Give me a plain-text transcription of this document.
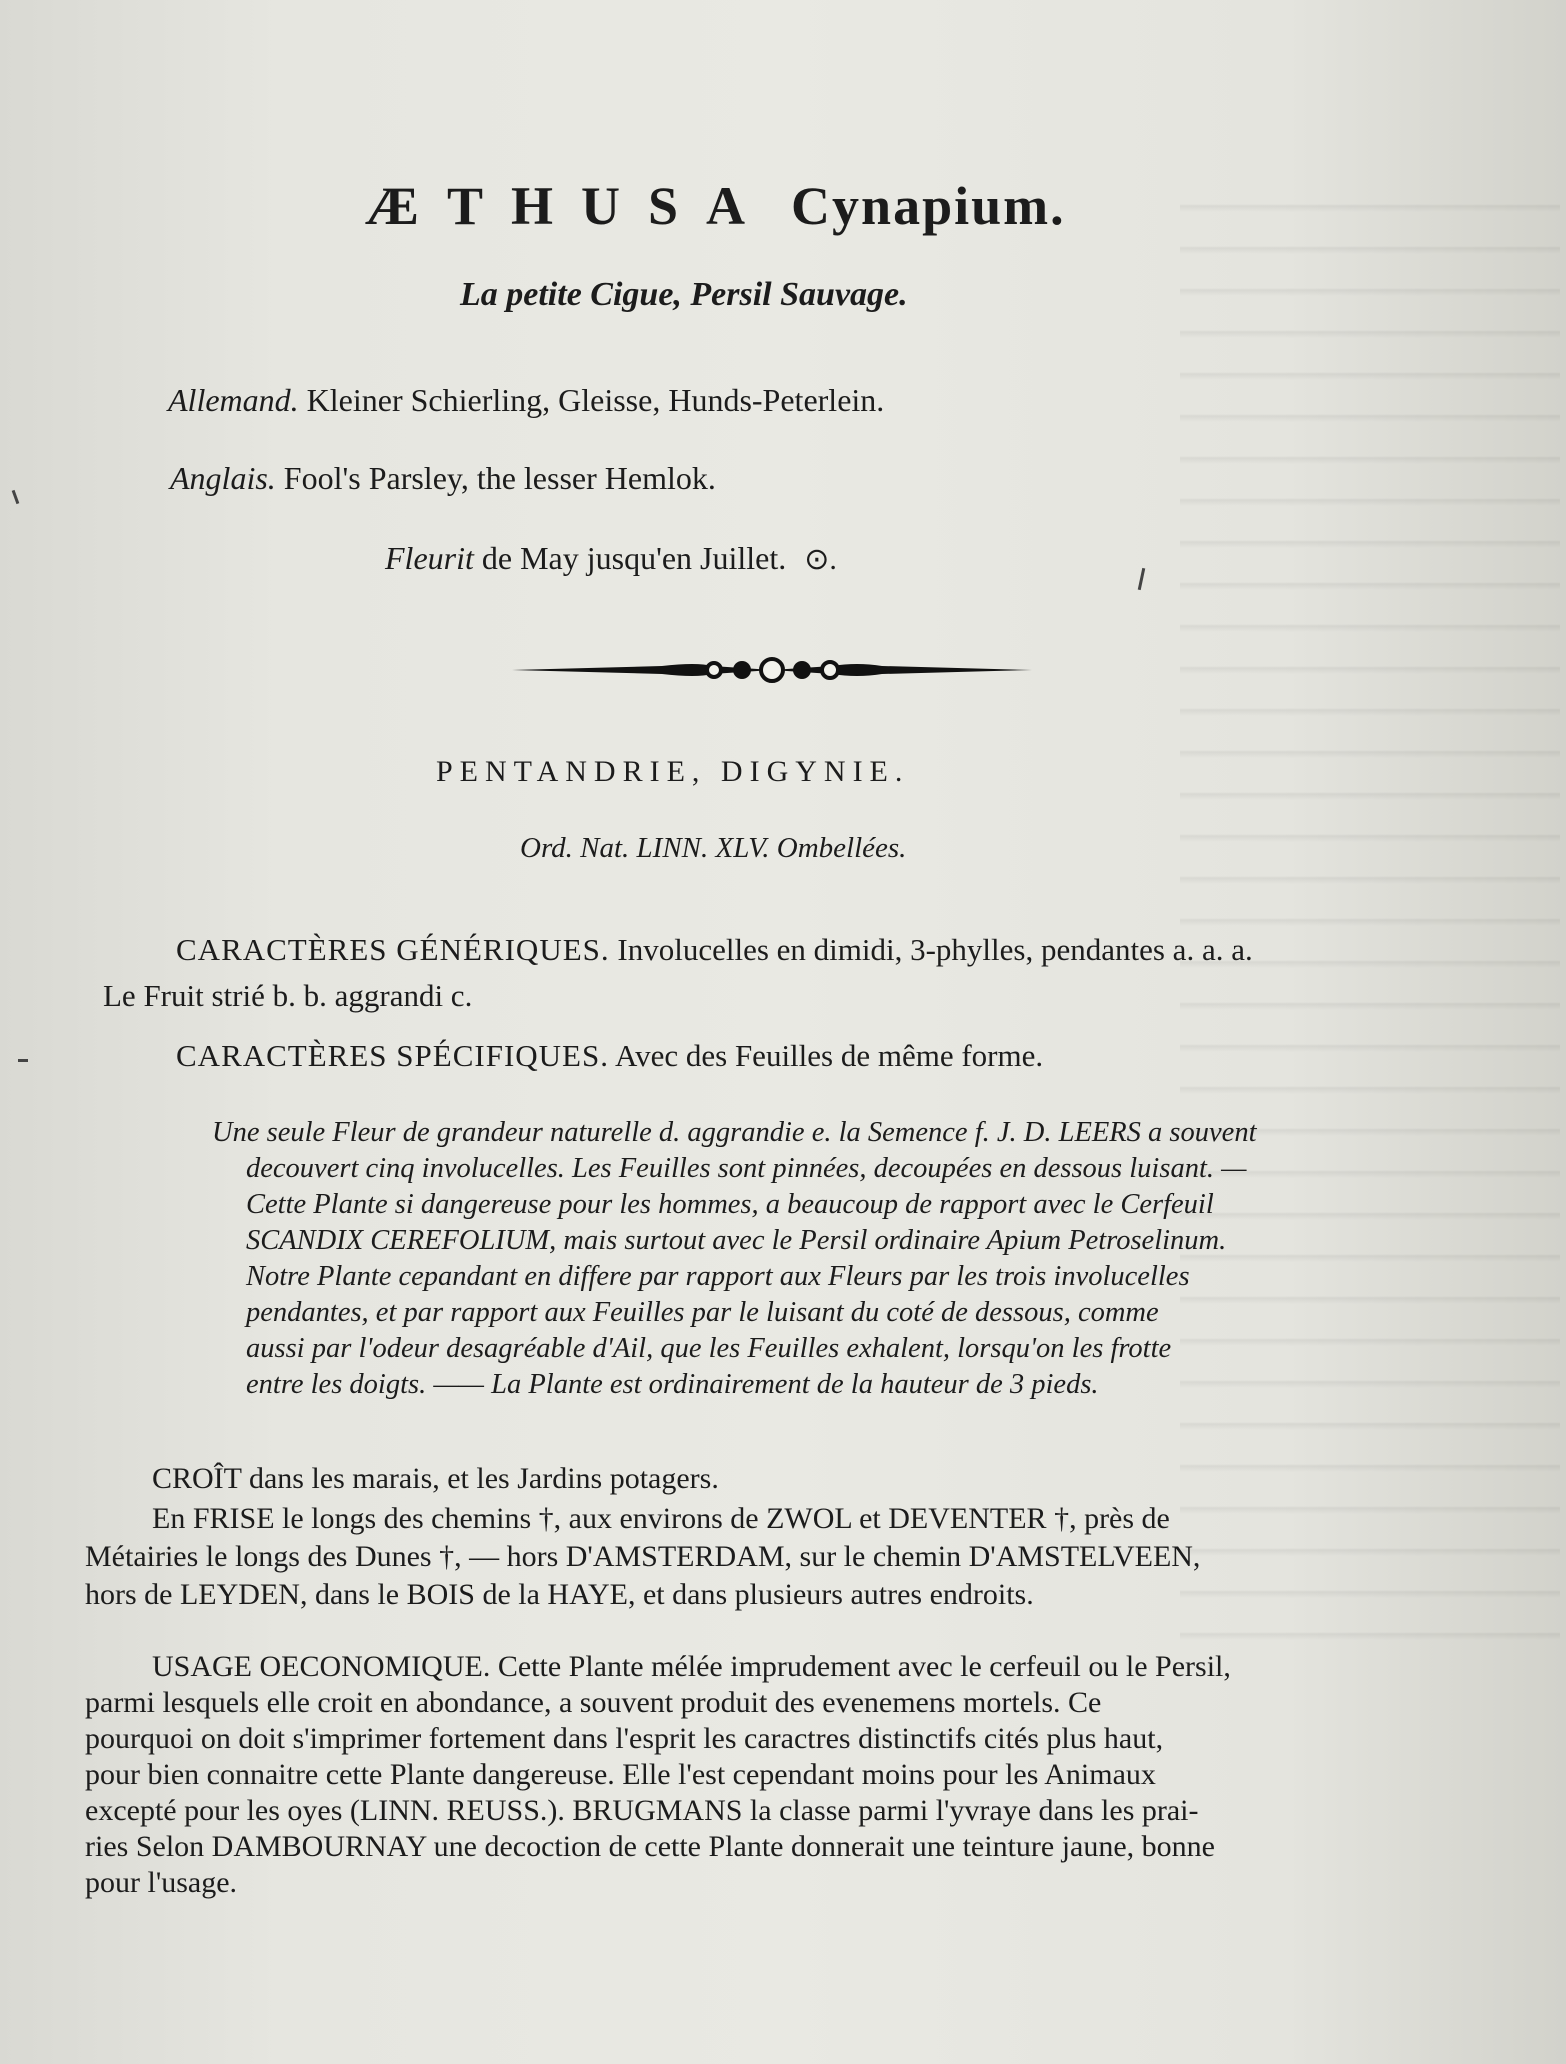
ÆTHUSA Cynapium.
La petite Cigue, Persil Sauvage.
Allemand. Kleiner Schierling, Gleisse, Hunds-Peterlein.
Anglais. Fool's Parsley, the lesser Hemlok.
Fleurit de May jusqu'en Juillet. ⊙.
PENTANDRIE, DIGYNIE.
Ord. Nat. LINN. XLV. Ombellées.
CARACTÈRES GÉNÉRIQUES. Involucelles en dimidi, 3-phylles, pendantes a. a. a.
Le Fruit strié b. b. aggrandi c.
CARACTÈRES SPÉCIFIQUES. Avec des Feuilles de même forme.
Une seule Fleur de grandeur naturelle d. aggrandie e. la Semence f. J. D. LEERS a souvent
decouvert cinq involucelles. Les Feuilles sont pinnées, decoupées en dessous luisant. —
Cette Plante si dangereuse pour les hommes, a beaucoup de rapport avec le Cerfeuil
SCANDIX CEREFOLIUM, mais surtout avec le Persil ordinaire Apium Petroselinum.
Notre Plante cepandant en differe par rapport aux Fleurs par les trois involucelles
pendantes, et par rapport aux Feuilles par le luisant du coté de dessous, comme
aussi par l'odeur desagréable d'Ail, que les Feuilles exhalent, lorsqu'on les frotte
entre les doigts. —— La Plante est ordinairement de la hauteur de 3 pieds.
CROÎT dans les marais, et les Jardins potagers.
En FRISE le longs des chemins †, aux environs de ZWOL et DEVENTER †, près de
Métairies le longs des Dunes †, — hors D'AMSTERDAM, sur le chemin D'AMSTELVEEN,
hors de LEYDEN, dans le BOIS de la HAYE, et dans plusieurs autres endroits.
USAGE OECONOMIQUE. Cette Plante mélée imprudement avec le cerfeuil ou le Persil,
parmi lesquels elle croit en abondance, a souvent produit des evenemens mortels. Ce
pourquoi on doit s'imprimer fortement dans l'esprit les caractres distinctifs cités plus haut,
pour bien connaitre cette Plante dangereuse. Elle l'est cependant moins pour les Animaux
excepté pour les oyes (LINN. REUSS.). BRUGMANS la classe parmi l'yvraye dans les prai-
ries Selon DAMBOURNAY une decoction de cette Plante donnerait une teinture jaune, bonne
pour l'usage.
